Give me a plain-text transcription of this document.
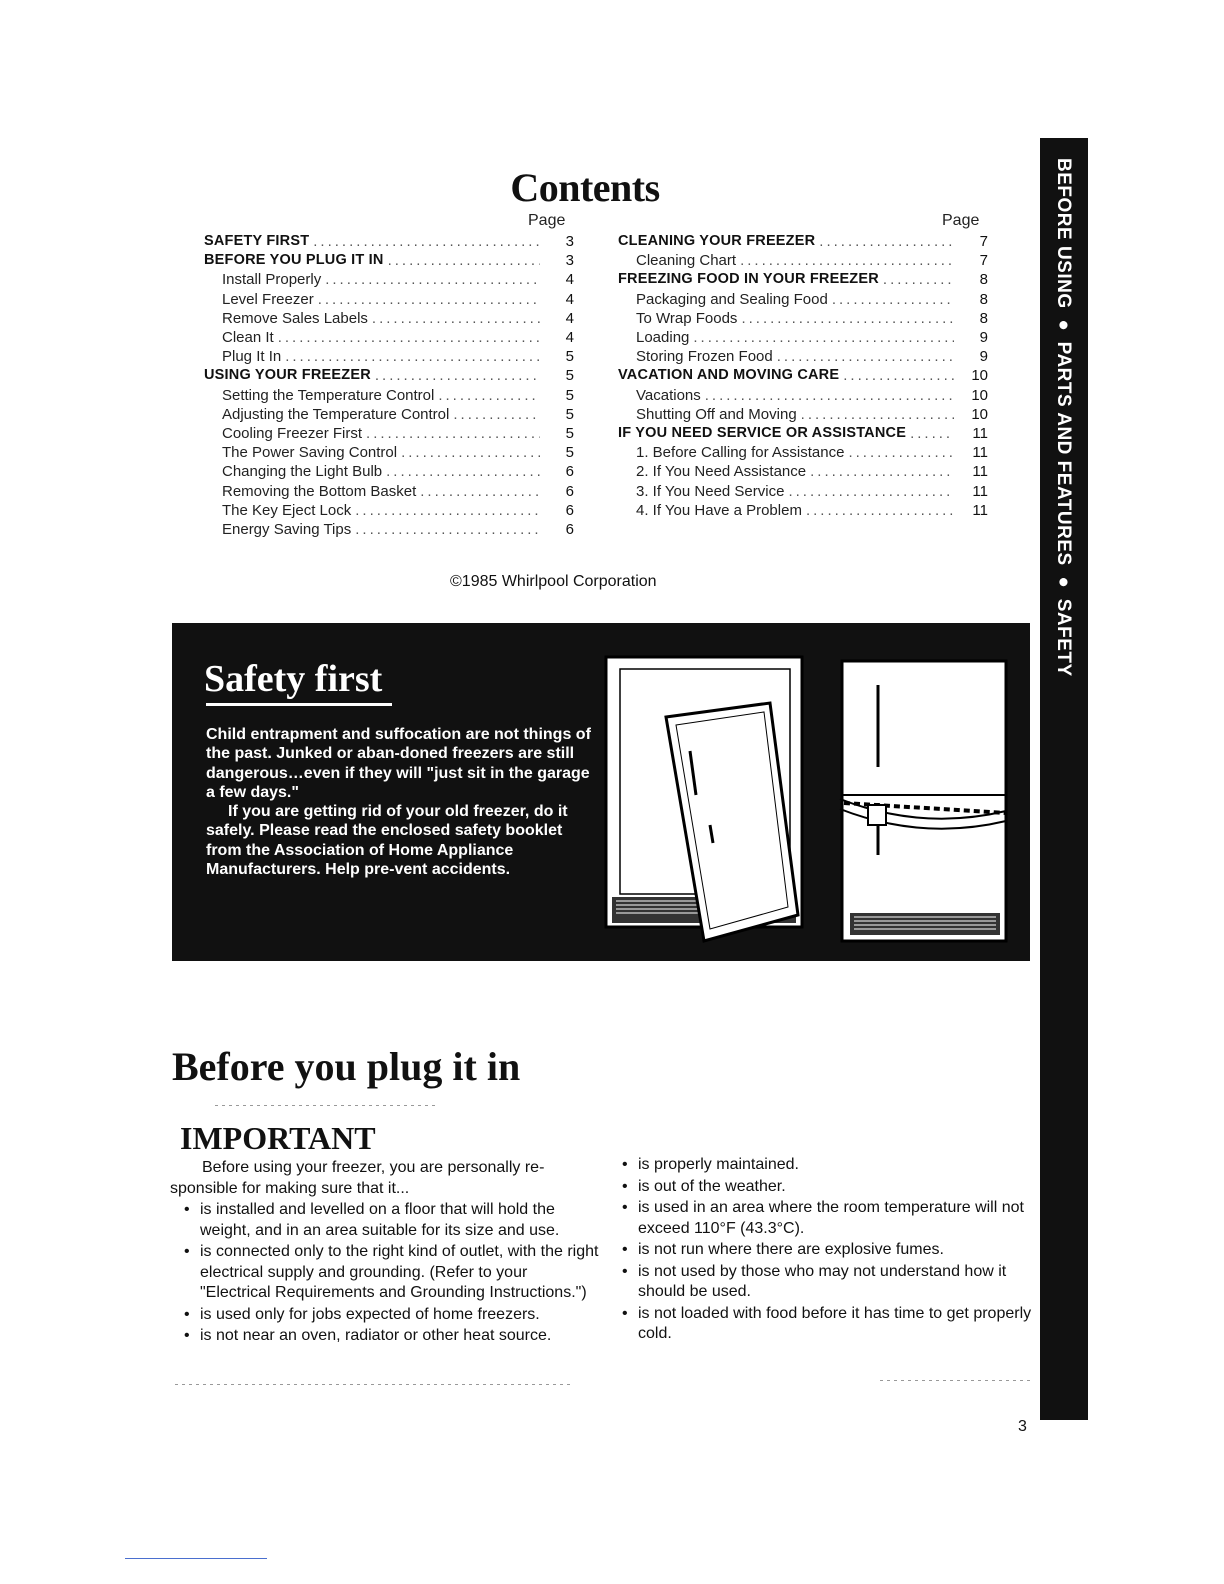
BEFORE USING ● PARTS AND FEATURES ● SAFETY
Contents
Page	Page
SAFETY FIRST .....	3
BEFORE YOU PLUG IT IN .....	3
Install Properly .....	4
Level Freezer .....	4
Remove Sales Labels .....	4
Clean It .....	4
Plug It In .....	5
USING YOUR FREEZER .....	5
Setting the Temperature Control .....	5
Adjusting the Temperature Control .....	5
Cooling Freezer First .....	5
The Power Saving Control .....	5
Changing the Light Bulb .....	6
Removing the Bottom Basket .....	6
The Key Eject Lock .....	6
Energy Saving Tips .....	6
CLEANING YOUR FREEZER .....	7
Cleaning Chart .....	7
FREEZING FOOD IN YOUR FREEZER .....	8
Packaging and Sealing Food .....	8
To Wrap Foods .....	8
Loading .....	9
Storing Frozen Food .....	9
VACATION AND MOVING CARE .....	10
Vacations .....	10
Shutting Off and Moving .....	10
IF YOU NEED SERVICE OR ASSISTANCE .....	11
1. Before Calling for Assistance .....	11
2. If You Need Assistance .....	11
3. If You Need Service .....	11
4. If You Have a Problem .....	11
©1985 Whirlpool Corporation
Safety first
Child entrapment and suffocation are not things of the past. Junked or aban-doned freezers are still dangerous…even if they will "just sit in the garage a few days."
If you are getting rid of your old freezer, do it safely. Please read the enclosed safety booklet from the Association of Home Appliance Manufacturers. Help pre-vent accidents.
Before you plug it in
IMPORTANT
Before using your freezer, you are personally re-sponsible for making sure that it...
• is installed and levelled on a floor that will hold the weight, and in an area suitable for its size and use.
• is connected only to the right kind of outlet, with the right electrical supply and grounding. (Refer to your "Electrical Requirements and Grounding Instructions.")
• is used only for jobs expected of home freezers.
• is not near an oven, radiator or other heat source.
• is properly maintained.
• is out of the weather.
• is used in an area where the room temperature will not exceed 110°F (43.3°C).
• is not run where there are explosive fumes.
• is not used by those who may not understand how it should be used.
• is not loaded with food before it has time to get properly cold.
3
